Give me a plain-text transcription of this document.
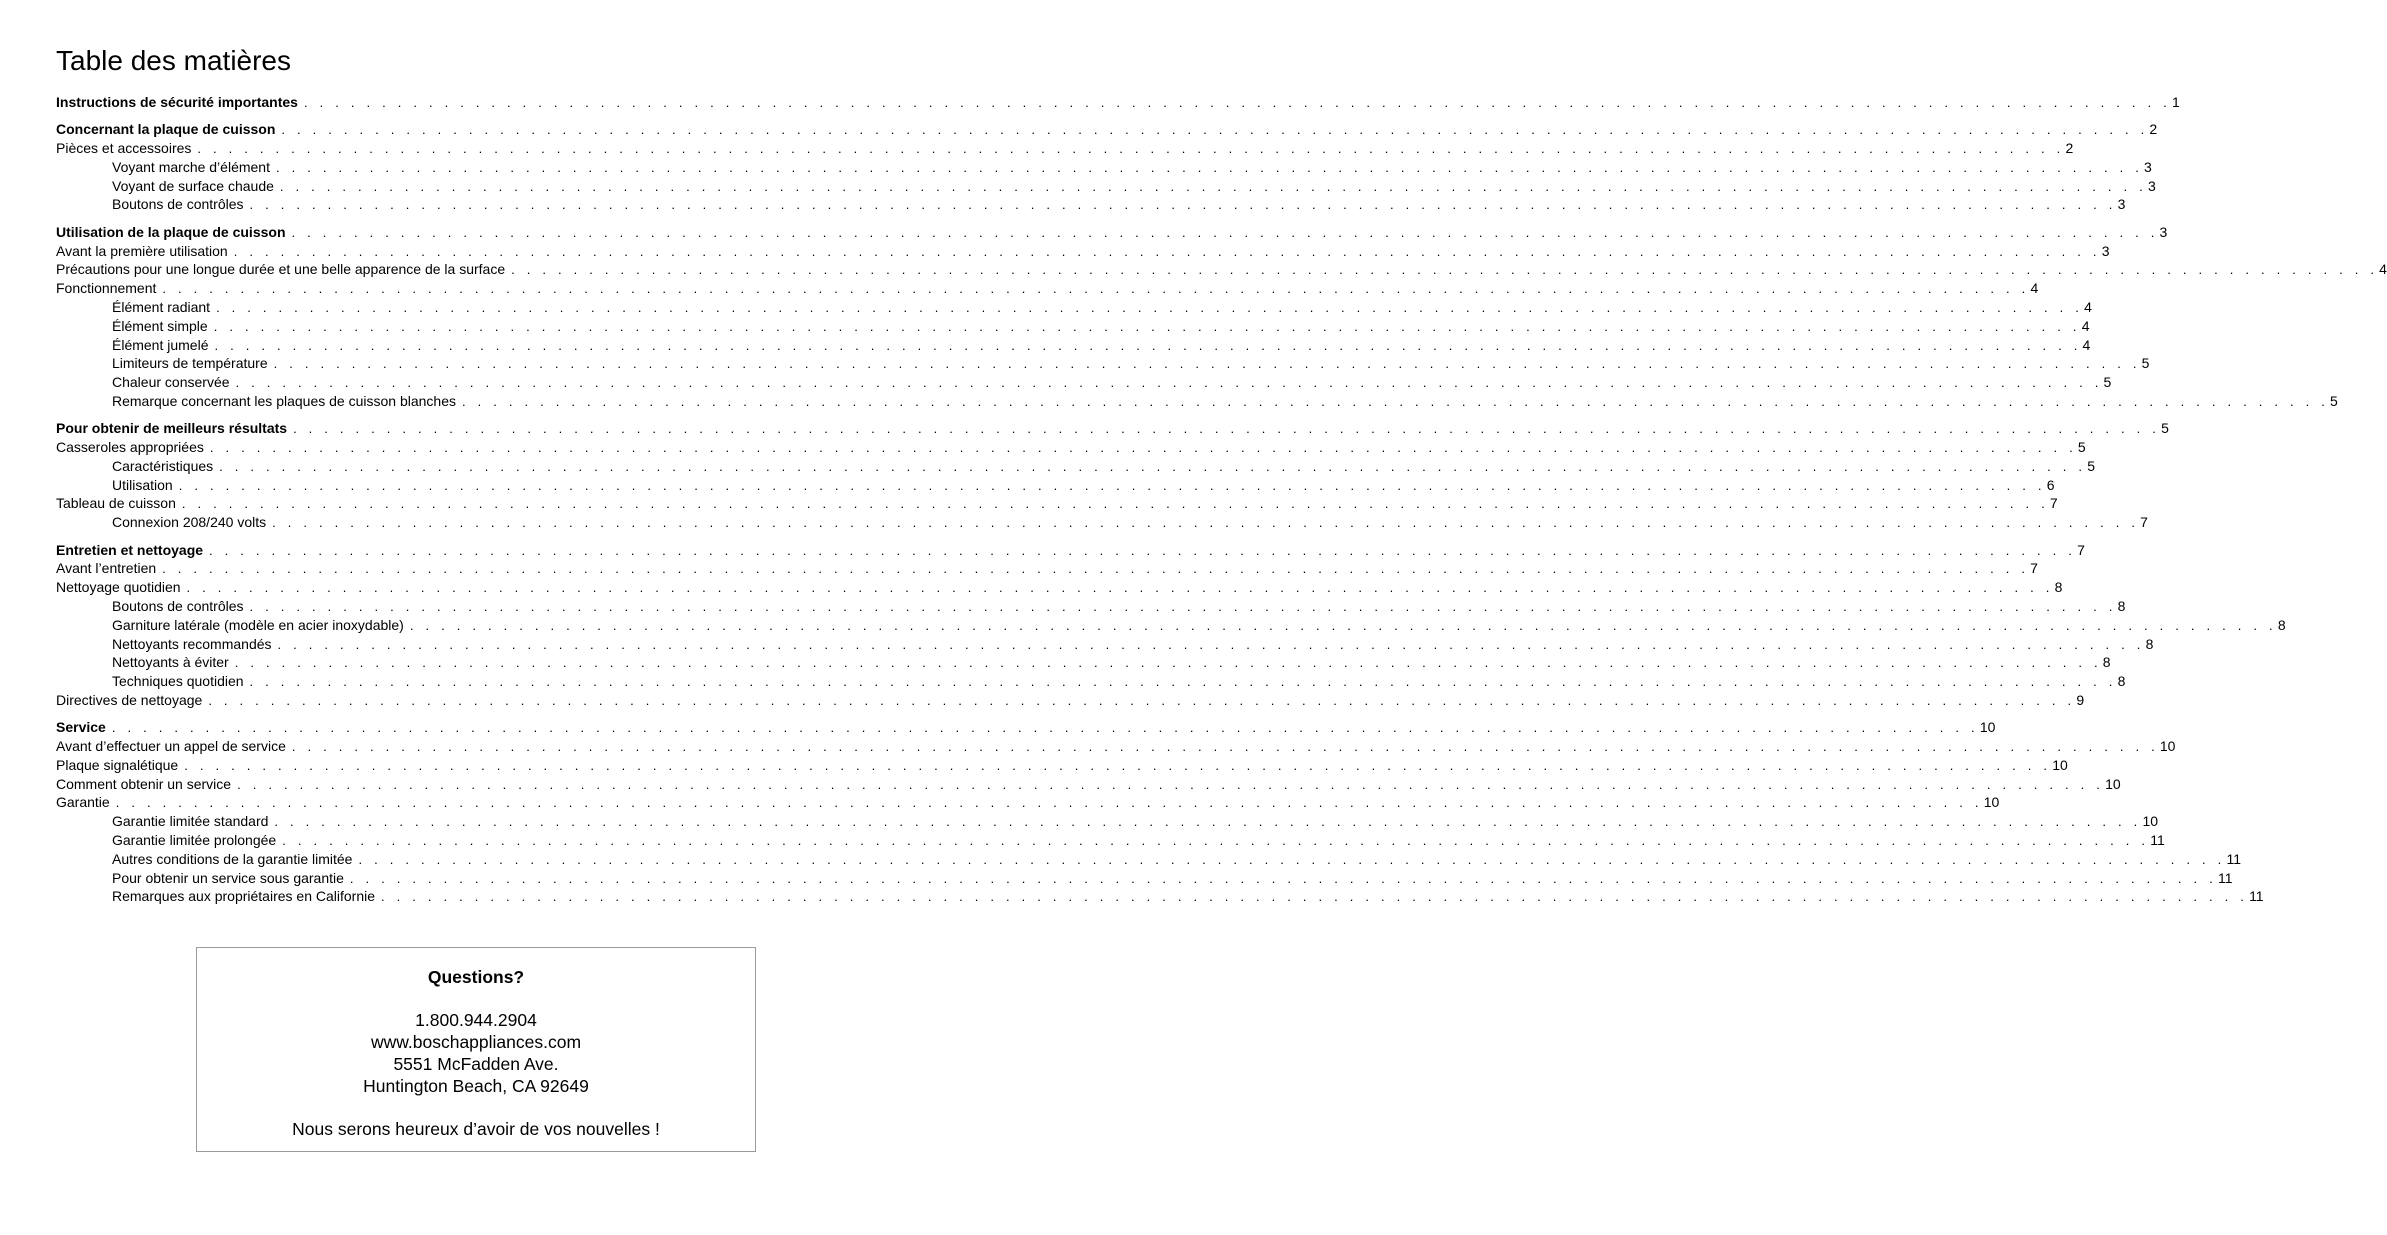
Table des matières
Instructions de sécurité importantes . . . . . . . . . . . . . . . . . . . . . . . . . . . . . . . . . . . . . . . . . . . . . . . . . . . . . . . . . . . . . . . . . . . . . . . . . . . . . . . . . . . . . . . . . . . . . . . . . . . . . . . . . . . . . . . . . . . . . . . . 1
Concernant la plaque de cuisson . . . . . . . . . . . . . . . . . . . . . . . . . . . . . . . . . . . . . . . . . . . . . . . . . . . . . . . . . . . . . . . . . . . . . . . . . . . . . . . . . . . . . . . . . . . . . . . . . . . . . . . . . . . . . . . . . . . . . . . . 2
Pièces et accessoires . . . . . . . . . . . . . . . . . . . . . . . . . . . . . . . . . . . . . . . . . . . . . . . . . . . . . . . . . . . . . . . . . . . . . . . . . . . . . . . . . . . . . . . . . . . . . . . . . . . . . . . . . . . . . . . . . . . . . . . . 2
Voyant marche d’élément . . . . . . . . . . . . . . . . . . . . . . . . . . . . . . . . . . . . . . . . . . . . . . . . . . . . . . . . . . . . . . . . . . . . . . . . . . . . . . . . . . . . . . . . . . . . . . . . . . . . . . . . . . . . . . . . . . . . . . . . 3
Voyant de surface chaude . . . . . . . . . . . . . . . . . . . . . . . . . . . . . . . . . . . . . . . . . . . . . . . . . . . . . . . . . . . . . . . . . . . . . . . . . . . . . . . . . . . . . . . . . . . . . . . . . . . . . . . . . . . . . . . . . . . . . . . . 3
Boutons de contrôles . . . . . . . . . . . . . . . . . . . . . . . . . . . . . . . . . . . . . . . . . . . . . . . . . . . . . . . . . . . . . . . . . . . . . . . . . . . . . . . . . . . . . . . . . . . . . . . . . . . . . . . . . . . . . . . . . . . . . . . . 3
Utilisation de la plaque de cuisson . . . . . . . . . . . . . . . . . . . . . . . . . . . . . . . . . . . . . . . . . . . . . . . . . . . . . . . . . . . . . . . . . . . . . . . . . . . . . . . . . . . . . . . . . . . . . . . . . . . . . . . . . . . . . . . . . . . . . . . . 3
Avant la première utilisation . . . . . . . . . . . . . . . . . . . . . . . . . . . . . . . . . . . . . . . . . . . . . . . . . . . . . . . . . . . . . . . . . . . . . . . . . . . . . . . . . . . . . . . . . . . . . . . . . . . . . . . . . . . . . . . . . . . . . . . . 3
Précautions pour une longue durée et une belle apparence de la surface . . . . . . . . . . . . . . . . . . . . . . . . . . . . . . . . . . . . . . . . . . . . . . . . . . . . . . . . . . . . . . . . . . . . . . . . . . . . . . . . . . . . . . . . . . . . . . . . . . . . . . . . . . . . . . . . . . . . . . . . 4
Fonctionnement . . . . . . . . . . . . . . . . . . . . . . . . . . . . . . . . . . . . . . . . . . . . . . . . . . . . . . . . . . . . . . . . . . . . . . . . . . . . . . . . . . . . . . . . . . . . . . . . . . . . . . . . . . . . . . . . . . . . . . . . 4
Élément radiant . . . . . . . . . . . . . . . . . . . . . . . . . . . . . . . . . . . . . . . . . . . . . . . . . . . . . . . . . . . . . . . . . . . . . . . . . . . . . . . . . . . . . . . . . . . . . . . . . . . . . . . . . . . . . . . . . . . . . . . . 4
Élément simple . . . . . . . . . . . . . . . . . . . . . . . . . . . . . . . . . . . . . . . . . . . . . . . . . . . . . . . . . . . . . . . . . . . . . . . . . . . . . . . . . . . . . . . . . . . . . . . . . . . . . . . . . . . . . . . . . . . . . . . . 4
Élément jumelé . . . . . . . . . . . . . . . . . . . . . . . . . . . . . . . . . . . . . . . . . . . . . . . . . . . . . . . . . . . . . . . . . . . . . . . . . . . . . . . . . . . . . . . . . . . . . . . . . . . . . . . . . . . . . . . . . . . . . . . . 4
Limiteurs de température . . . . . . . . . . . . . . . . . . . . . . . . . . . . . . . . . . . . . . . . . . . . . . . . . . . . . . . . . . . . . . . . . . . . . . . . . . . . . . . . . . . . . . . . . . . . . . . . . . . . . . . . . . . . . . . . . . . . . . . . 5
Chaleur conservée . . . . . . . . . . . . . . . . . . . . . . . . . . . . . . . . . . . . . . . . . . . . . . . . . . . . . . . . . . . . . . . . . . . . . . . . . . . . . . . . . . . . . . . . . . . . . . . . . . . . . . . . . . . . . . . . . . . . . . . . 5
Remarque concernant les plaques de cuisson blanches . . . . . . . . . . . . . . . . . . . . . . . . . . . . . . . . . . . . . . . . . . . . . . . . . . . . . . . . . . . . . . . . . . . . . . . . . . . . . . . . . . . . . . . . . . . . . . . . . . . . . . . . . . . . . . . . . . . . . . . . 5
Pour obtenir de meilleurs résultats . . . . . . . . . . . . . . . . . . . . . . . . . . . . . . . . . . . . . . . . . . . . . . . . . . . . . . . . . . . . . . . . . . . . . . . . . . . . . . . . . . . . . . . . . . . . . . . . . . . . . . . . . . . . . . . . . . . . . . . . 5
Casseroles appropriées . . . . . . . . . . . . . . . . . . . . . . . . . . . . . . . . . . . . . . . . . . . . . . . . . . . . . . . . . . . . . . . . . . . . . . . . . . . . . . . . . . . . . . . . . . . . . . . . . . . . . . . . . . . . . . . . . . . . . . . . 5
Caractéristiques . . . . . . . . . . . . . . . . . . . . . . . . . . . . . . . . . . . . . . . . . . . . . . . . . . . . . . . . . . . . . . . . . . . . . . . . . . . . . . . . . . . . . . . . . . . . . . . . . . . . . . . . . . . . . . . . . . . . . . . . 5
Utilisation . . . . . . . . . . . . . . . . . . . . . . . . . . . . . . . . . . . . . . . . . . . . . . . . . . . . . . . . . . . . . . . . . . . . . . . . . . . . . . . . . . . . . . . . . . . . . . . . . . . . . . . . . . . . . . . . . . . . . . . . 6
Tableau de cuisson . . . . . . . . . . . . . . . . . . . . . . . . . . . . . . . . . . . . . . . . . . . . . . . . . . . . . . . . . . . . . . . . . . . . . . . . . . . . . . . . . . . . . . . . . . . . . . . . . . . . . . . . . . . . . . . . . . . . . . . . 7
Connexion 208/240 volts . . . . . . . . . . . . . . . . . . . . . . . . . . . . . . . . . . . . . . . . . . . . . . . . . . . . . . . . . . . . . . . . . . . . . . . . . . . . . . . . . . . . . . . . . . . . . . . . . . . . . . . . . . . . . . . . . . . . . . . . 7
Entretien et nettoyage . . . . . . . . . . . . . . . . . . . . . . . . . . . . . . . . . . . . . . . . . . . . . . . . . . . . . . . . . . . . . . . . . . . . . . . . . . . . . . . . . . . . . . . . . . . . . . . . . . . . . . . . . . . . . . . . . . . . . . . . 7
Avant l’entretien . . . . . . . . . . . . . . . . . . . . . . . . . . . . . . . . . . . . . . . . . . . . . . . . . . . . . . . . . . . . . . . . . . . . . . . . . . . . . . . . . . . . . . . . . . . . . . . . . . . . . . . . . . . . . . . . . . . . . . . . 7
Nettoyage quotidien . . . . . . . . . . . . . . . . . . . . . . . . . . . . . . . . . . . . . . . . . . . . . . . . . . . . . . . . . . . . . . . . . . . . . . . . . . . . . . . . . . . . . . . . . . . . . . . . . . . . . . . . . . . . . . . . . . . . . . . . 8
Boutons de contrôles . . . . . . . . . . . . . . . . . . . . . . . . . . . . . . . . . . . . . . . . . . . . . . . . . . . . . . . . . . . . . . . . . . . . . . . . . . . . . . . . . . . . . . . . . . . . . . . . . . . . . . . . . . . . . . . . . . . . . . . . 8
Garniture latérale (modèle en acier inoxydable) . . . . . . . . . . . . . . . . . . . . . . . . . . . . . . . . . . . . . . . . . . . . . . . . . . . . . . . . . . . . . . . . . . . . . . . . . . . . . . . . . . . . . . . . . . . . . . . . . . . . . . . . . . . . . . . . . . . . . . . . 8
Nettoyants recommandés . . . . . . . . . . . . . . . . . . . . . . . . . . . . . . . . . . . . . . . . . . . . . . . . . . . . . . . . . . . . . . . . . . . . . . . . . . . . . . . . . . . . . . . . . . . . . . . . . . . . . . . . . . . . . . . . . . . . . . . . 8
Nettoyants à éviter . . . . . . . . . . . . . . . . . . . . . . . . . . . . . . . . . . . . . . . . . . . . . . . . . . . . . . . . . . . . . . . . . . . . . . . . . . . . . . . . . . . . . . . . . . . . . . . . . . . . . . . . . . . . . . . . . . . . . . . . 8
Techniques quotidien . . . . . . . . . . . . . . . . . . . . . . . . . . . . . . . . . . . . . . . . . . . . . . . . . . . . . . . . . . . . . . . . . . . . . . . . . . . . . . . . . . . . . . . . . . . . . . . . . . . . . . . . . . . . . . . . . . . . . . . . 8
Directives de nettoyage . . . . . . . . . . . . . . . . . . . . . . . . . . . . . . . . . . . . . . . . . . . . . . . . . . . . . . . . . . . . . . . . . . . . . . . . . . . . . . . . . . . . . . . . . . . . . . . . . . . . . . . . . . . . . . . . . . . . . . . . 9
Service . . . . . . . . . . . . . . . . . . . . . . . . . . . . . . . . . . . . . . . . . . . . . . . . . . . . . . . . . . . . . . . . . . . . . . . . . . . . . . . . . . . . . . . . . . . . . . . . . . . . . . . . . . . . . . . . . . . . . . . . 10
Avant d’effectuer un appel de service . . . . . . . . . . . . . . . . . . . . . . . . . . . . . . . . . . . . . . . . . . . . . . . . . . . . . . . . . . . . . . . . . . . . . . . . . . . . . . . . . . . . . . . . . . . . . . . . . . . . . . . . . . . . . . . . . . . . . . . . 10
Plaque signalétique . . . . . . . . . . . . . . . . . . . . . . . . . . . . . . . . . . . . . . . . . . . . . . . . . . . . . . . . . . . . . . . . . . . . . . . . . . . . . . . . . . . . . . . . . . . . . . . . . . . . . . . . . . . . . . . . . . . . . . . . 10
Comment obtenir un service . . . . . . . . . . . . . . . . . . . . . . . . . . . . . . . . . . . . . . . . . . . . . . . . . . . . . . . . . . . . . . . . . . . . . . . . . . . . . . . . . . . . . . . . . . . . . . . . . . . . . . . . . . . . . . . . . . . . . . . . 10
Garantie . . . . . . . . . . . . . . . . . . . . . . . . . . . . . . . . . . . . . . . . . . . . . . . . . . . . . . . . . . . . . . . . . . . . . . . . . . . . . . . . . . . . . . . . . . . . . . . . . . . . . . . . . . . . . . . . . . . . . . . . 10
Garantie limitée standard . . . . . . . . . . . . . . . . . . . . . . . . . . . . . . . . . . . . . . . . . . . . . . . . . . . . . . . . . . . . . . . . . . . . . . . . . . . . . . . . . . . . . . . . . . . . . . . . . . . . . . . . . . . . . . . . . . . . . . . . 10
Garantie limitée prolongée . . . . . . . . . . . . . . . . . . . . . . . . . . . . . . . . . . . . . . . . . . . . . . . . . . . . . . . . . . . . . . . . . . . . . . . . . . . . . . . . . . . . . . . . . . . . . . . . . . . . . . . . . . . . . . . . . . . . . . . . 11
Autres conditions de la garantie limitée . . . . . . . . . . . . . . . . . . . . . . . . . . . . . . . . . . . . . . . . . . . . . . . . . . . . . . . . . . . . . . . . . . . . . . . . . . . . . . . . . . . . . . . . . . . . . . . . . . . . . . . . . . . . . . . . . . . . . . . . 11
Pour obtenir un service sous garantie . . . . . . . . . . . . . . . . . . . . . . . . . . . . . . . . . . . . . . . . . . . . . . . . . . . . . . . . . . . . . . . . . . . . . . . . . . . . . . . . . . . . . . . . . . . . . . . . . . . . . . . . . . . . . . . . . . . . . . . . 11
Remarques aux propriétaires en Californie . . . . . . . . . . . . . . . . . . . . . . . . . . . . . . . . . . . . . . . . . . . . . . . . . . . . . . . . . . . . . . . . . . . . . . . . . . . . . . . . . . . . . . . . . . . . . . . . . . . . . . . . . . . . . . . . . . . . . . . . 11
Questions?
1.800.944.2904
www.boschappliances.com
5551 McFadden Ave.
Huntington Beach, CA 92649
Nous serons heureux d’avoir de vos nouvelles !
